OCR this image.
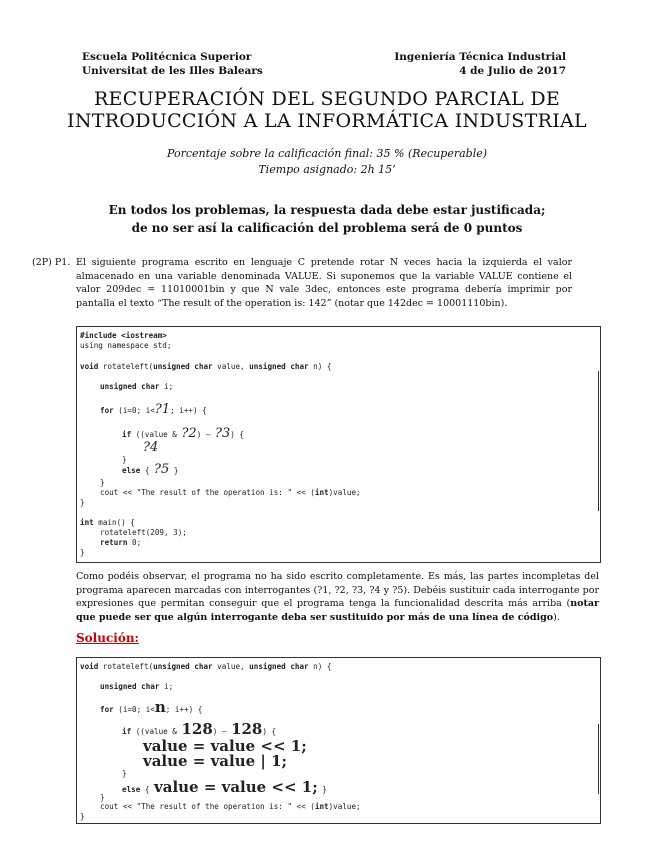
Escuela Politécnica Superior
Universitat de les Illes Balears
Ingeniería Técnica Industrial
4 de Julio de 2017
RECUPERACIÓN DEL SEGUNDO PARCIAL DE
INTRODUCCIÓN A LA INFORMÁTICA INDUSTRIAL
Porcentaje sobre la calificación final: 35 % (Recuperable)
Tiempo asignado: 2h 15’
En todos los problemas, la respuesta dada debe estar justificada;
de no ser así la calificación del problema será de 0 puntos
(2P) P1. El siguiente programa escrito en lenguaje C pretende rotar N veces hacia la izquierda el valor almacenado en una variable denominada VALUE. Si suponemos que la variable VALUE contiene el valor 209dec = 11010001bin y que N vale 3dec, entonces este programa debería imprimir por pantalla el texto “The result of the operation is: 142” (notar que 142dec = 10001110bin).
#include <iostream>
using namespace std;
void rotateleft(unsigned char value, unsigned char n) {
unsigned char i;
for (i=0; i<?1; i++) {
if ((value & ?2) — ?3) {
?4
}
else { ?5 }
}
cout << "The result of the operation is: " << (int)value;
}
int main() {
rotateleft(209, 3);
return 0;
}
Como podéis observar, el programa no ha sido escrito completamente. Es más, las partes incompletas del programa aparecen marcadas con interrogantes (?1, ?2, ?3, ?4 y ?5). Debéis sustituir cada interrogante por expresiones que permitan conseguir que el programa tenga la funcionalidad descrita más arriba (notar que puede ser que algún interrogante deba ser sustituido por más de una línea de código).
Solución:
void rotateleft(unsigned char value, unsigned char n) {
unsigned char i;
for (i=0; i<n; i++) {
if ((value & 128) — 128) {
value = value << 1;
value = value | 1;
}
else { value = value << 1; }
}
cout << "The result of the operation is: " << (int)value;
}
